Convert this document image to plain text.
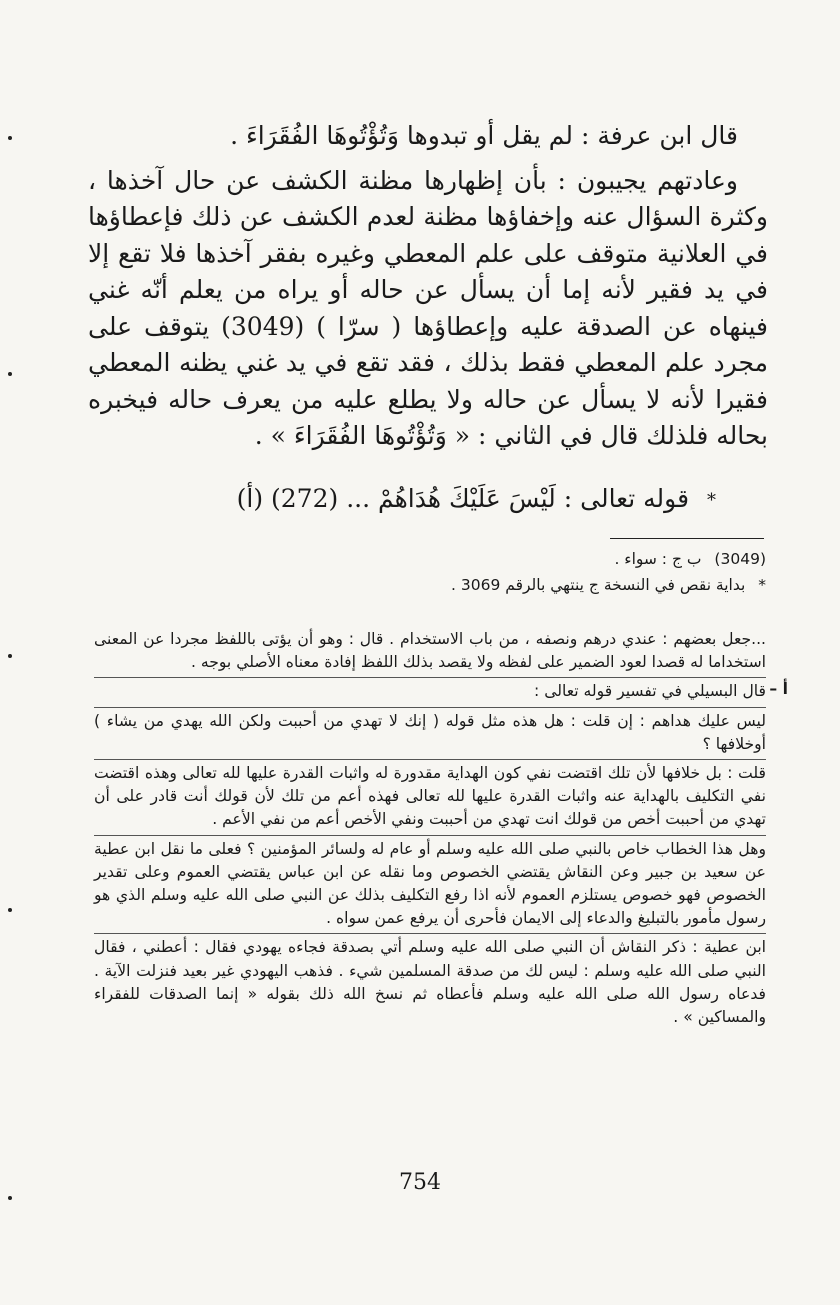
قال ابن عرفة : لم يقل أو تبدوها وَتُؤْتُوهَا الفُقَرَاءَ .

وعادتهم يجيبون : بأن إظهارها مظنة الكشف عن حال آخذها ، وكثرة السؤال عنه وإخفاؤها مظنة لعدم الكشف عن ذلك فإعطاؤها في العلانية متوقف على علم المعطي وغيره بفقر آخذها فلا تقع إلا في يد فقير لأنه إما أن يسأل عن حاله أو يراه من يعلم أنّه غني فينهاه عن الصدقة عليه وإعطاؤها ( سرّا ) (3049) يتوقف على مجرد علم المعطي فقط بذلك ، فقد تقع في يد غني يظنه المعطي فقيرا لأنه لا يسأل عن حاله ولا يطلع عليه من يعرف حاله فيخبره بحاله فلذلك قال في الثاني : « وَتُؤْتُوهَا الفُقَرَاءَ » .

* قوله تعالى : لَيْسَ عَلَيْكَ هُدَاهُمْ ... (272) (أ)
(3049) ب ج : سواء .
* بداية نقص في النسخة ج ينتهي بالرقم 3069 .

...جعل بعضهم : عندي درهم ونصفه ، من باب الاستخدام . قال : وهو أن يؤتى باللفظ مجردا عن المعنى استخداما له قصدا لعود الضمير على لفظه ولا يقصد بذلك اللفظ إفادة معناه الأصلي بوجه .

أ –

قال البسيلي في تفسير قوله تعالى :

ليس عليك هداهم : إن قلت : هل هذه مثل قوله ( إنك لا تهدي من أحببت ولكن الله يهدي من يشاء ) أوخلافها ؟

قلت : بل خلافها لأن تلك اقتضت نفي كون الهداية مقدورة له واثبات القدرة عليها لله تعالى وهذه اقتضت نفي التكليف بالهداية عنه واثبات القدرة عليها لله تعالى فهذه أعم من تلك لأن قولك أنت قادر على أن تهدي من أحببت أخص من قولك انت تهدي من أحببت ونفي الأخص أعم من نفي الأعم .

وهل هذا الخطاب خاص بالنبي صلى الله عليه وسلم أو عام له ولسائر المؤمنين ؟ فعلى ما نقل ابن عطية عن سعيد بن جبير وعن النقاش يقتضي الخصوص وما نقله عن ابن عباس يقتضي العموم وعلى تقدير الخصوص فهو خصوص يستلزم العموم لأنه اذا رفع التكليف بذلك عن النبي صلى الله عليه وسلم الذي هو رسول مأمور بالتبليغ والدعاء إلى الايمان فأحرى أن يرفع عمن سواه .

ابن عطية : ذكر النقاش أن النبي صلى الله عليه وسلم أتي بصدقة فجاءه يهودي فقال : أعطني ، فقال النبي صلى الله عليه وسلم : ليس لك من صدقة المسلمين شيء . فذهب اليهودي غير بعيد فنزلت الآية . فدعاه رسول الله صلى الله عليه وسلم فأعطاه ثم نسخ الله ذلك بقوله « إنما الصدقات للفقراء والمساكين » .

754
